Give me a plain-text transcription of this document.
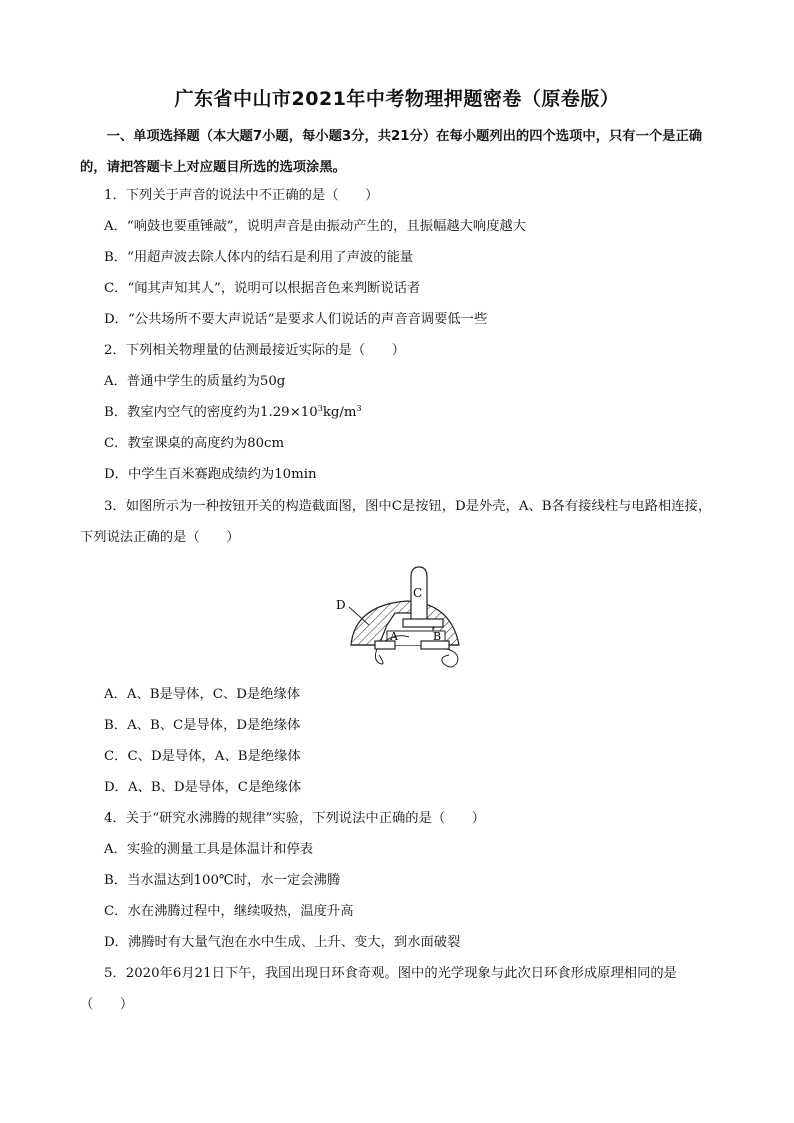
广东省中山市2021年中考物理押题密卷（原卷版）
一、单项选择题（本大题7小题，每小题3分，共21分）在每小题列出的四个选项中，只有一个是正确的，请把答题卡上对应题目所选的选项涂黑。
1．下列关于声音的说法中不正确的是（　　）
A．“响鼓也要重锤敲”，说明声音是由振动产生的，且振幅越大响度越大
B．“用超声波去除人体内的结石是利用了声波的能量
C．“闻其声知其人”，说明可以根据音色来判断说话者
D．“公共场所不要大声说话”是要求人们说话的声音音调要低一些
2．下列相关物理量的估测最接近实际的是（　　）
A．普通中学生的质量约为50g
B．教室内空气的密度约为$1.29\times 10^3kg/m^3$
C．教室课桌的高度约为80cm
D．中学生百米赛跑成绩约为10min
3．如图所示为一种按钮开关的构造截面图，图中C是按钮，D是外壳，A、B各有接线柱与电路相连接，下列说法正确的是（　　）
C
D
A	B
A．A、B是导体，C、D是绝缘体
B．A、B、C是导体，D是绝缘体
C．C、D是导体，A、B是绝缘体
D．A、B、D是导体，C是绝缘体
4．关于“研究水沸腾的规律”实验，下列说法中正确的是（　　）
A．实验的测量工具是体温计和停表
B．当水温达到100℃时，水一定会沸腾
C．水在沸腾过程中，继续吸热，温度升高
D．沸腾时有大量气泡在水中生成、上升、变大，到水面破裂
5．2020年6月21日下午，我国出现日环食奇观。图中的光学现象与此次日环食形成原理相同的是（　　）
